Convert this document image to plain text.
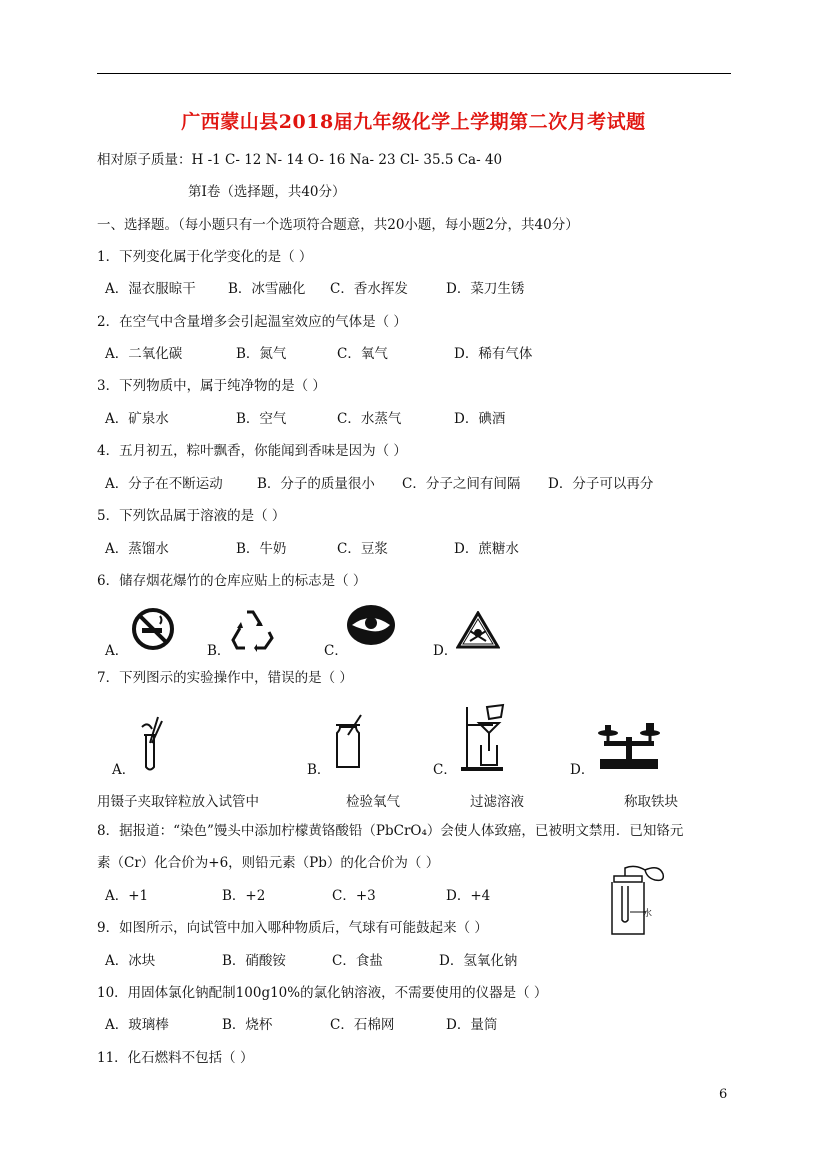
广西蒙山县2018届九年级化学上学期第二次月考试题
相对原子质量：H -1 C- 12 N- 14 O- 16 Na- 23 Cl- 35.5 Ca- 40
第Ⅰ卷（选择题，共40分）
一、选择题。（每小题只有一个选项符合题意，共20小题，每小题2分，共40分）
1．下列变化属于化学变化的是（ ）
A．湿衣服晾干 B．冰雪融化 C．香水挥发	D．菜刀生锈
2．在空气中含量增多会引起温室效应的气体是（ ）
A．二氧化碳	B．氮气	C．氧气	D．稀有气体
3．下列物质中，属于纯净物的是（ ）
A．矿泉水	B．空气	C．水蒸气	D．碘酒
4．五月初五，粽叶飘香，你能闻到香味是因为（ ）
A．分子在不断运动	B．分子的质量很小 C．分子之间有间隔 D．分子可以再分
5．下列饮品属于溶液的是（ ）
A．蒸馏水	B．牛奶	C．豆浆	D．蔗糖水
6．储存烟花爆竹的仓库应贴上的标志是（ ）
A．	B．	C．	D．
7．下列图示的实验操作中，错误的是（ ）
A．	B．	C．	D．
用镊子夹取锌粒放入试管中	检验氧气	过滤溶液	称取铁块
8．据报道：“染色”馒头中添加柠檬黄铬酸铅（PbCrO₄）会使人体致癌，已被明文禁用．已知铬元
素（Cr）化合价为+6，则铅元素（Pb）的化合价为（ ）
A．+1	B．+2	C．+3	D．+4
水
9．如图所示，向试管中加入哪种物质后，气球有可能鼓起来（ ）
A．冰块	B．硝酸铵	C．食盐	D．氢氧化钠
10．用固体氯化钠配制100g10%的氯化钠溶液，不需要使用的仪器是（ ）
A．玻璃棒	B．烧杯	C．石棉网	D．量筒
11．化石燃料不包括（ ）
6
